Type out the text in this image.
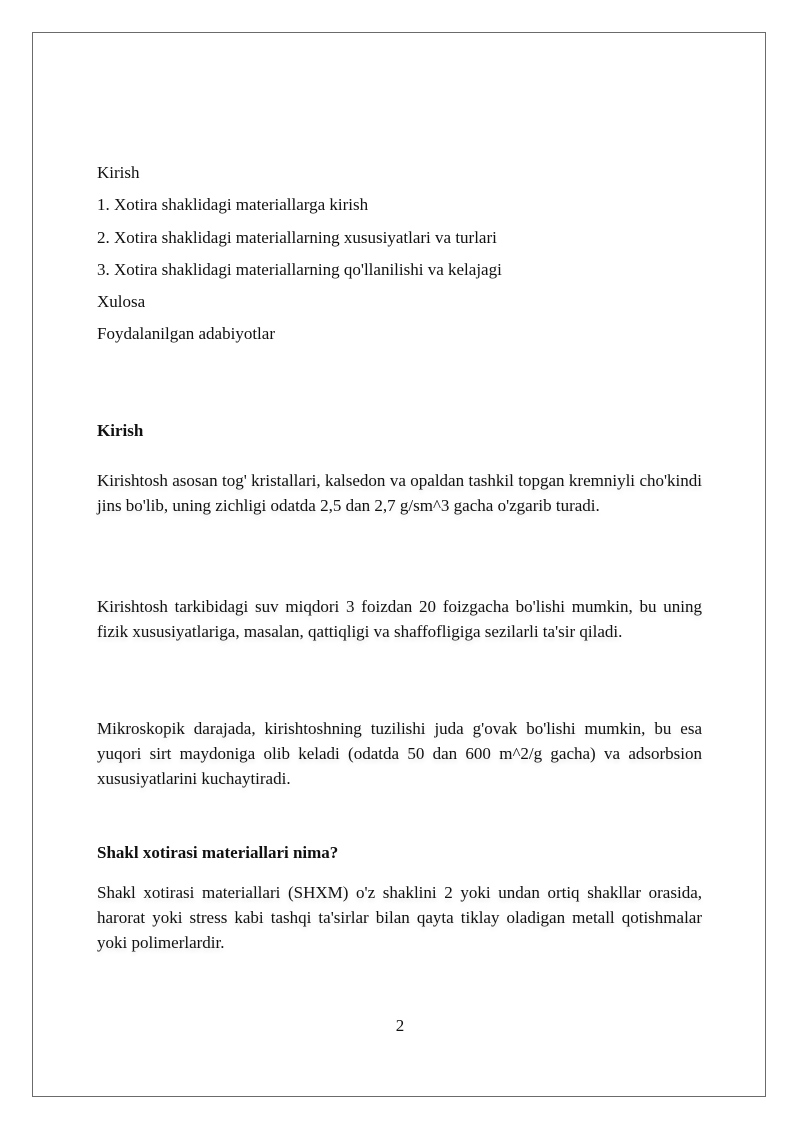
Kirish
1. Xotira shaklidagi materiallarga kirish
2. Xotira shaklidagi materiallarning xususiyatlari va turlari
3. Xotira shaklidagi materiallarning qo'llanilishi va kelajagi
Xulosa
Foydalanilgan adabiyotlar
Kirish
Kirishtosh asosan tog' kristallari, kalsedon va opaldan tashkil topgan kremniyli cho'kindi jins bo'lib, uning zichligi odatda 2,5 dan 2,7 g/sm^3 gacha o'zgarib turadi.
Kirishtosh tarkibidagi suv miqdori 3 foizdan 20 foizgacha bo'lishi mumkin, bu uning fizik xususiyatlariga, masalan, qattiqligi va shaffofligiga sezilarli ta'sir qiladi.
Mikroskopik darajada, kirishtoshning tuzilishi juda g'ovak bo'lishi mumkin, bu esa yuqori sirt maydoniga olib keladi (odatda 50 dan 600 m^2/g gacha) va adsorbsion xususiyatlarini kuchaytiradi.
Shakl xotirasi materiallari nima?
Shakl xotirasi materiallari (SHXM) o'z shaklini 2 yoki undan ortiq shakllar orasida, harorat yoki stress kabi tashqi ta'sirlar bilan qayta tiklay oladigan metall qotishmalar yoki polimerlardir.
2
